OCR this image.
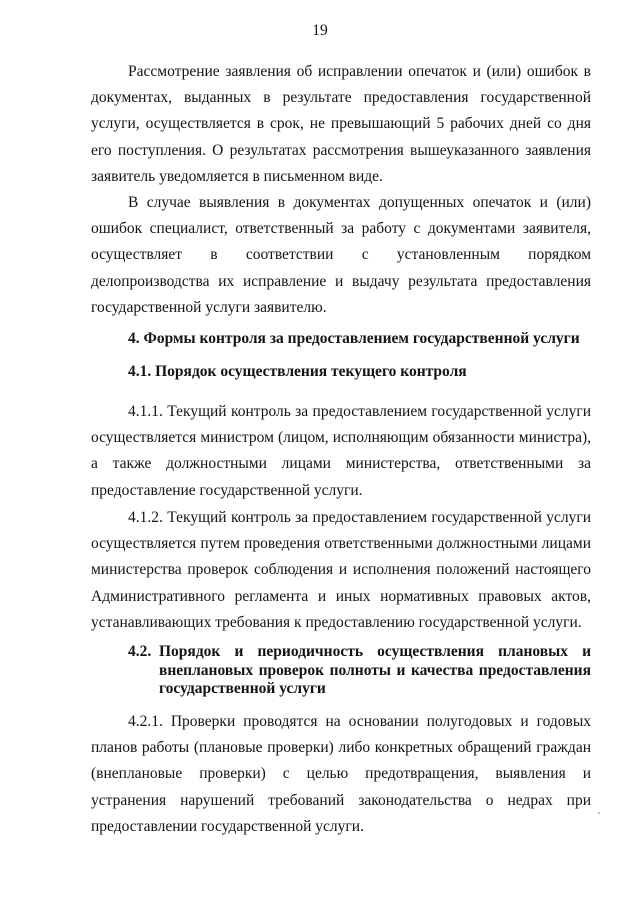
19

Рассмотрение заявления об исправлении опечаток и (или) ошибок в документах, выданных в результате предоставления государственной услуги, осуществляется в срок, не превышающий 5 рабочих дней со дня его поступления. О результатах рассмотрения вышеуказанного заявления заявитель уведомляется в письменном виде.

В случае выявления в документах допущенных опечаток и (или) ошибок специалист, ответственный за работу с документами заявителя, осуществляет в соответствии с установленным порядком делопроизводства их исправление и выдачу результата предоставления государственной услуги заявителю.

4. Формы контроля за предоставлением государственной услуги
4.1. Порядок осуществления текущего контроля

4.1.1. Текущий контроль за предоставлением государственной услуги осуществляется министром (лицом, исполняющим обязанности министра), а также должностными лицами министерства, ответственными за предоставление государственной услуги.

4.1.2. Текущий контроль за предоставлением государственной услуги осуществляется путем проведения ответственными должностными лицами министерства проверок соблюдения и исполнения положений настоящего Административного регламента и иных нормативных правовых актов, устанавливающих требования к предоставлению государственной услуги.

4.2. Порядок и периодичность осуществления плановых и внеплановых проверок полноты и качества предоставления государственной услуги

4.2.1. Проверки проводятся на основании полугодовых и годовых планов работы (плановые проверки) либо конкретных обращений граждан (внеплановые проверки) с целью предотвращения, выявления и устранения нарушений требований законодательства о недрах при предоставлении государственной услуги.
